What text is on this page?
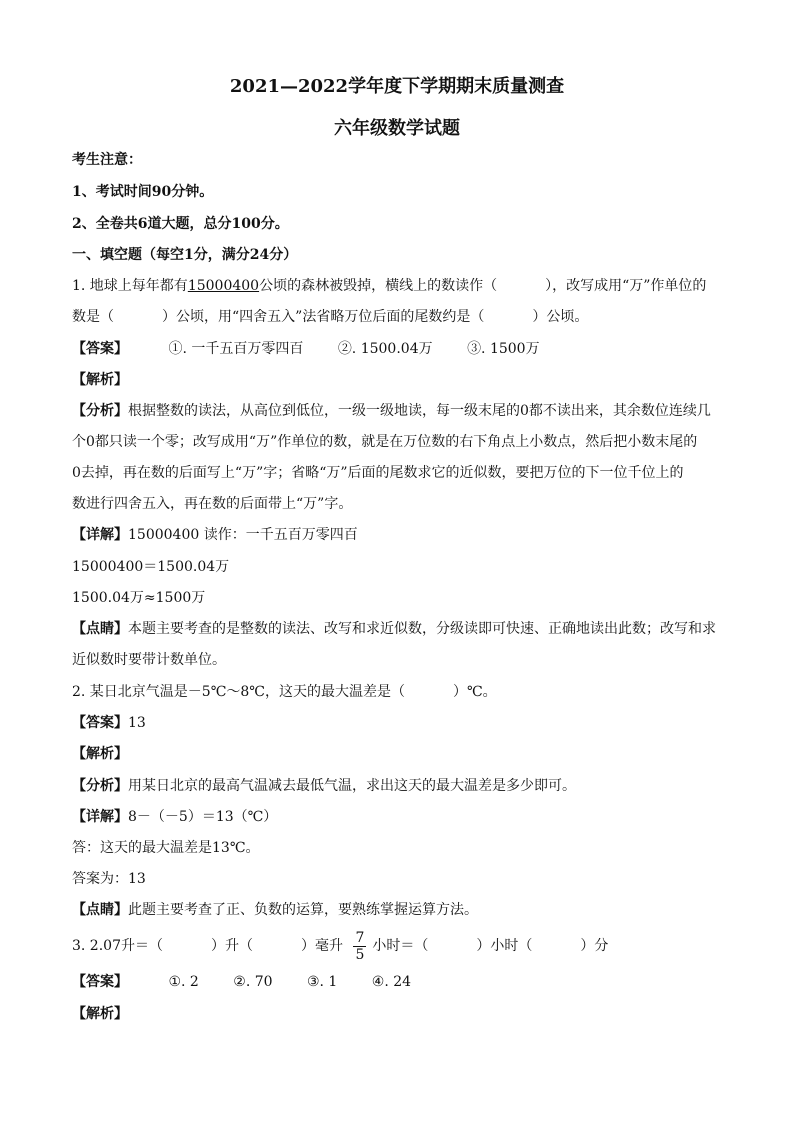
2021—2022学年度下学期期末质量测查
六年级数学试题
考生注意：
1、考试时间90分钟。
2、全卷共6道大题，总分100分。
一、填空题（每空1分，满分24分）
1. 地球上每年都有15000400公顷的森林被毁掉，横线上的数读作（	），改写成用“万”作单位的
数是（	）公顷，用“四舍五入”法省略万位后面的尾数约是（	）公顷。
【答案】	①. 一千五百万零四百 ②. 1500.04万 ③. 1500万
【解析】
【分析】根据整数的读法，从高位到低位，一级一级地读，每一级末尾的0都不读出来，其余数位连续几
个0都只读一个零；改写成用“万”作单位的数，就是在万位数的右下角点上小数点，然后把小数末尾的
0去掉，再在数的后面写上“万”字；省略“万”后面的尾数求它的近似数，要把万位的下一位千位上的
数进行四舍五入，再在数的后面带上“万”字。
【详解】15000400 读作：一千五百万零四百
15000400＝1500.04万
1500.04万≈1500万
【点睛】本题主要考查的是整数的读法、改写和求近似数，分级读即可快速、正确地读出此数；改写和求
近似数时要带计数单位。
2. 某日北京气温是－5℃～8℃，这天的最大温差是（	）℃。
【答案】13
【解析】
【分析】用某日北京的最高气温减去最低气温，求出这天的最大温差是多少即可。
【详解】8－（－5）＝13（℃）
答：这天的最大温差是13℃。
答案为：13
【点睛】此题主要考查了正、负数的运算，要熟练掌握运算方法。
3. 2.07升＝（	）升（	）毫升 $\frac{7}{5}$ 小时＝（	）小时（	）分
【答案】	①. 2 ②. 70 ③. 1 ④. 24
【解析】
